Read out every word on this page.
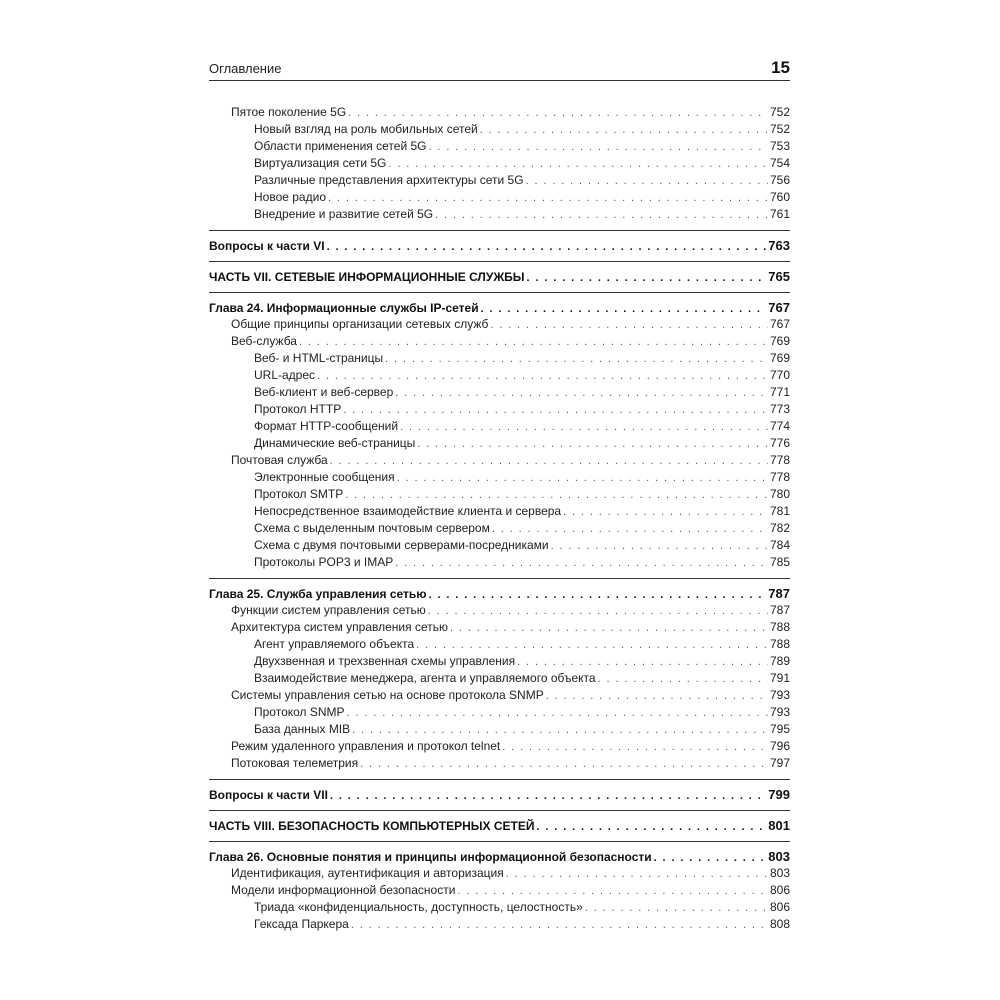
Оглавление	15
Пятое поколение 5G . . .	752
Новый взгляд на роль мобильных сетей . . .	752
Области применения сетей 5G . . .	753
Виртуализация сети 5G . . .	754
Различные представления архитектуры сети 5G . . .	756
Новое радио . . .	760
Внедрение и развитие сетей 5G . . .	761
Вопросы к части VI . . .	763
ЧАСТЬ VII. СЕТЕВЫЕ ИНФОРМАЦИОННЫЕ СЛУЖБЫ . . .	765
Глава 24. Информационные службы IP-сетей . . .	767
Общие принципы организации сетевых служб . . .	767
Веб-служба . . .	769
Веб- и HTML-страницы . . .	769
URL-адрес . . .	770
Веб-клиент и веб-сервер . . .	771
Протокол HTTP . . .	773
Формат HTTP-сообщений . . .	774
Динамические веб-страницы . . .	776
Почтовая служба . . .	778
Электронные сообщения . . .	778
Протокол SMTP . . .	780
Непосредственное взаимодействие клиента и сервера . . .	781
Схема с выделенным почтовым сервером . . .	782
Схема с двумя почтовыми серверами-посредниками . . .	784
Протоколы POP3 и IMAP . . .	785
Глава 25. Служба управления сетью . . .	787
Функции систем управления сетью . . .	787
Архитектура систем управления сетью . . .	788
Агент управляемого объекта . . .	788
Двухзвенная и трехзвенная схемы управления . . .	789
Взаимодействие менеджера, агента и управляемого объекта . . .	791
Системы управления сетью на основе протокола SNMP . . .	793
Протокол SNMP . . .	793
База данных MIB . . .	795
Режим удаленного управления и протокол telnet . . .	796
Потоковая телеметрия . . .	797
Вопросы к части VII . . .	799
ЧАСТЬ VIII. БЕЗОПАСНОСТЬ КОМПЬЮТЕРНЫХ СЕТЕЙ . . .	801
Глава 26. Основные понятия и принципы информационной безопасности . . .	803
Идентификация, аутентификация и авторизация . . .	803
Модели информационной безопасности . . .	806
Триада «конфиденциальность, доступность, целостность» . . .	806
Гексада Паркера . . .	808
